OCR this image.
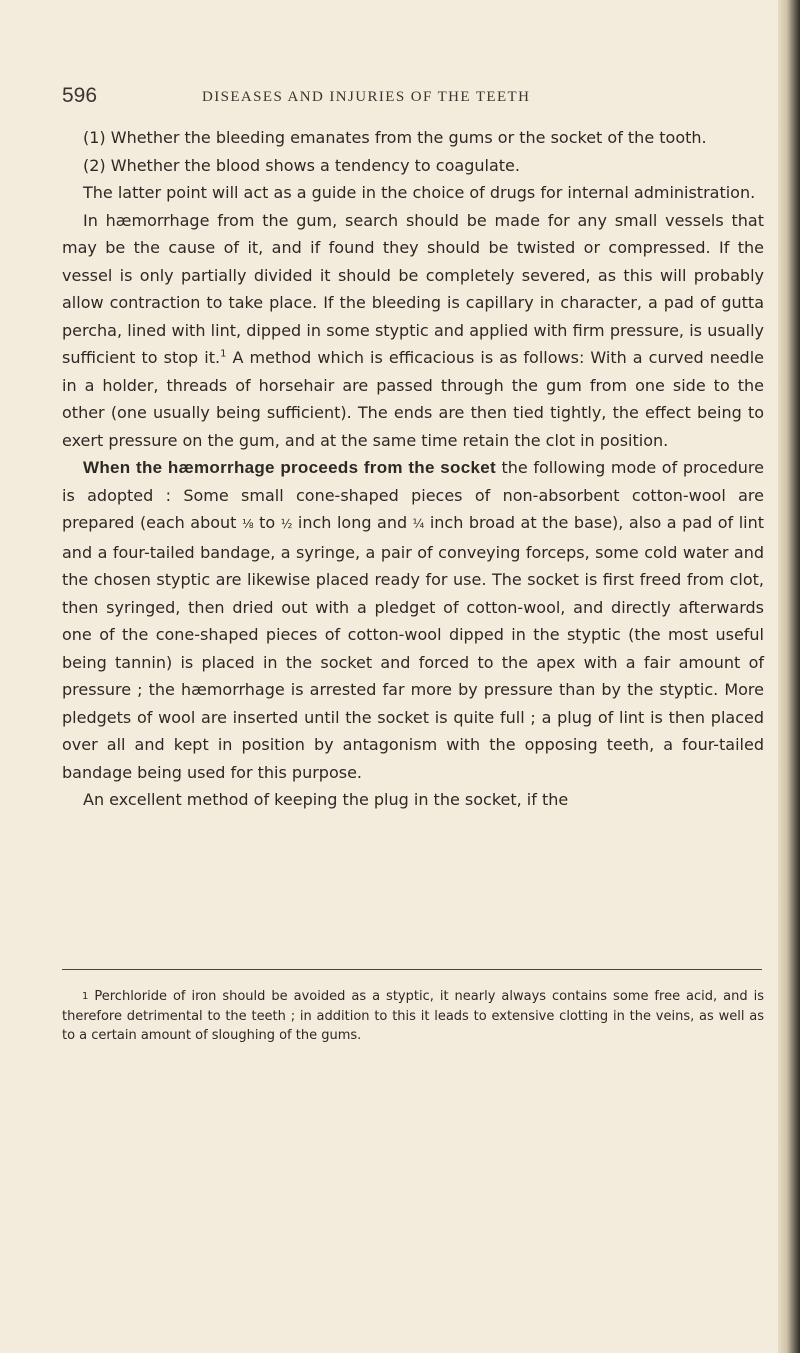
596	DISEASES AND INJURIES OF THE TEETH

(1) Whether the bleeding emanates from the gums or the socket of the tooth.

(2) Whether the blood shows a tendency to coagulate.

The latter point will act as a guide in the choice of drugs for internal administration.

In hæmorrhage from the gum, search should be made for any small vessels that may be the cause of it, and if found they should be twisted or compressed. If the vessel is only partially divided it should be completely severed, as this will probably allow contraction to take place. If the bleeding is capillary in character, a pad of gutta percha, lined with lint, dipped in some styptic and applied with firm pressure, is usually sufficient to stop it.$^1$ A method which is efficacious is as follows: With a curved needle in a holder, threads of horsehair are passed through the gum from one side to the other (one usually being sufficient). The ends are then tied tightly, the effect being to exert pressure on the gum, and at the same time retain the clot in position.

When the hæmorrhage proceeds from the socket the following mode of procedure is adopted : Some small cone-shaped pieces of non-absorbent cotton-wool are prepared (each about ⅛ to ½ inch long and ¼ inch broad at the base), also a pad of lint and a four-tailed bandage, a syringe, a pair of conveying forceps, some cold water and the chosen styptic are likewise placed ready for use. The socket is first freed from clot, then syringed, then dried out with a pledget of cotton-wool, and directly afterwards one of the cone-shaped pieces of cotton-wool dipped in the styptic (the most useful being tannin) is placed in the socket and forced to the apex with a fair amount of pressure ; the hæmorrhage is arrested far more by pressure than by the styptic. More pledgets of wool are inserted until the socket is quite full ; a plug of lint is then placed over all and kept in position by antagonism with the opposing teeth, a four-tailed bandage being used for this purpose.

An excellent method of keeping the plug in the socket, if the

$^1$ Perchloride of iron should be avoided as a styptic, it nearly always contains some free acid, and is therefore detrimental to the teeth ; in addition to this it leads to extensive clotting in the veins, as well as to a certain amount of sloughing of the gums.
